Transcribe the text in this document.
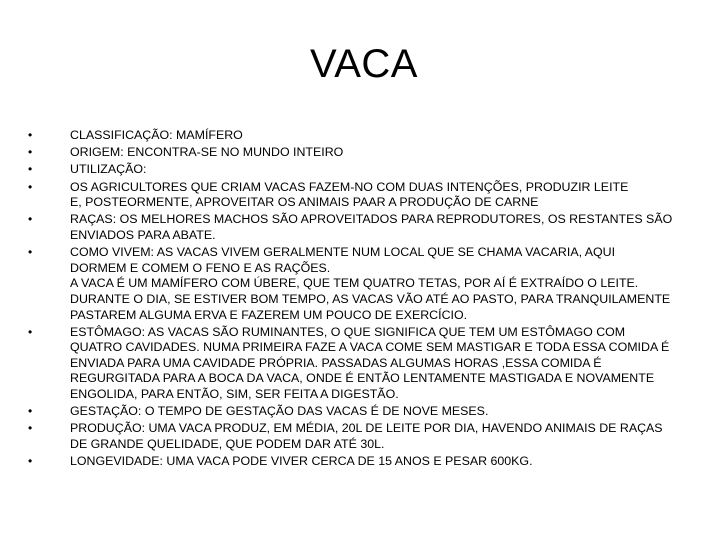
VACA
•	CLASSIFICAÇÃO: MAMÍFERO
•	ORIGEM: ENCONTRA-SE NO MUNDO INTEIRO
•	UTILIZAÇÃO:
•	OS AGRICULTORES QUE CRIAM VACAS FAZEM-NO COM DUAS INTENÇÕES, PRODUZIR LEITE
E, POSTEORMENTE, APROVEITAR OS ANIMAIS PAAR A PRODUÇÃO DE CARNE
•	RAÇAS: OS MELHORES MACHOS SÃO APROVEITADOS PARA REPRODUTORES, OS RESTANTES SÃO
ENVIADOS PARA ABATE.
•	COMO VIVEM: AS VACAS VIVEM GERALMENTE NUM LOCAL QUE SE CHAMA VACARIA, AQUI
DORMEM E COMEM O FENO E AS RAÇÕES.
A VACA É UM MAMÍFERO COM ÚBERE, QUE TEM QUATRO TETAS, POR AÍ É EXTRAÍDO O LEITE.
DURANTE O DIA, SE ESTIVER BOM TEMPO, AS VACAS VÃO ATÉ AO PASTO, PARA TRANQUILAMENTE
PASTAREM ALGUMA ERVA E FAZEREM UM POUCO DE EXERCÍCIO.
•	ESTÔMAGO: AS VACAS SÃO RUMINANTES, O QUE SIGNIFICA QUE TEM UM ESTÔMAGO COM
QUATRO CAVIDADES. NUMA PRIMEIRA FAZE A VACA COME SEM MASTIGAR E TODA ESSA COMIDA É
ENVIADA PARA UMA CAVIDADE PRÓPRIA. PASSADAS ALGUMAS HORAS ,ESSA COMIDA É
REGURGITADA PARA A BOCA DA VACA, ONDE É ENTÃO LENTAMENTE MASTIGADA E NOVAMENTE
ENGOLIDA, PARA ENTÃO, SIM, SER FEITA A DIGESTÃO.
•	GESTAÇÃO: O TEMPO DE GESTAÇÃO DAS VACAS É DE NOVE MESES.
•	PRODUÇÃO: UMA VACA PRODUZ, EM MÉDIA, 20L DE LEITE POR DIA, HAVENDO ANIMAIS DE RAÇAS
DE GRANDE QUELIDADE, QUE PODEM DAR ATÉ 30L.
•	LONGEVIDADE: UMA VACA PODE VIVER CERCA DE 15 ANOS E PESAR 600KG.
